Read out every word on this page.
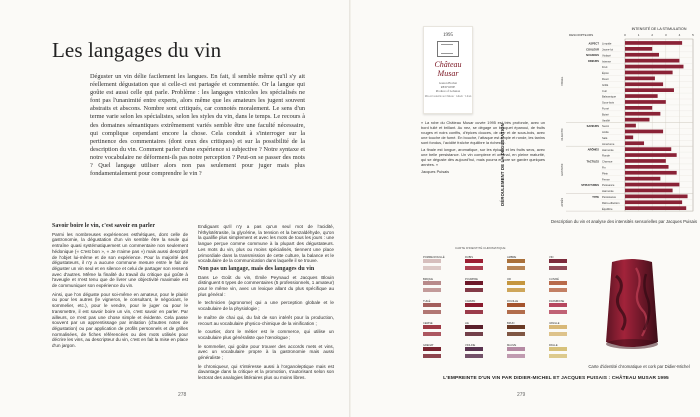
Les langages du vin
Déguster un vin délie facilement les langues. En fait, il semble même qu'il s'y ait réellement dégustation que si celle-ci est partagée et commentée. Or la langue qui goûte est aussi celle qui parle. Problème : les langages vinicoles les spécialisés ne font pas l'unanimité entre experts, alors même que les amateurs les jugent souvent abstraits et abscons. Nombre sont critiqués, car connotés moralement. Le sens d'un terme varie selon les spécialistes, selon les styles du vin, dans le temps. Le recours à des domaines sémantiques extrêmement variés semble être une faculté nécessaire, qui complique cependant encore la chose. Cela conduit à s'interroger sur la pertinence des commentaires (dont ceux des critiques) et sur la possibilité de la description du vin. Comment parler d'une expérience si subjective ? Notre syntaxe et notre vocabulaire ne déforment-ils pas notre perception ? Peut-on se passer des mots ? Quel langage utiliser alors non pas seulement pour juger mais plus fondamentalement pour comprendre le vin ?
Savoir boire le vin, c'est savoir en parler

Parmi les nombreuses expériences esthétiques, dont celle de gastronomie, la dégustation d'un vin semble être la seule qui entraîne quasi systématiquement un commentaire non seulement hédonique (« C'est bon », « Je n'aime pas ») mais aussi descriptif de l'objet lui-même et de son expérience. Pour la majorité des dégustateurs, il n'y a aucune commune mesure entre le fait de déguster un vin seul et en silence et celui de partager son ressenti avec d'autres. Même la finalité du travail du critique qui goûte à l'aveugle et n'est tenu que de livrer une objectivité maximale est de communiquer son expérience du vin.

Ainsi, que l'on déguste pour soi-même en amateur, pour le plaisir ou pour les autres (le vigneron, le consultant, le négociant, le sommelier, etc.), pour le vendre, pour le juger ou pour le transmettre, il est savoir boire un vin, c'est savoir en parler. Par ailleurs, ce n'est pas une chose simple et évidente. Cela passe souvent par un apprentissage par imitation (d'autres notes de dégustation) ou par application de profils personnels et de grilles normalisées, de fiches référencées ou des mots utilisés pour décrire les vins, au descripteur du vin, c'est en fait la mise en place d'un jargon.

Endiguant qu'il n'y a pas qu'un seul mot de l'acidité, l'éthylotétrasite, la glycérine, la tension et la benzaldéhyde, qu'on la qualifie plus simplement et avec les mots de tous les jours : une langue perçue comme commune à la plupart des dégustateurs. Les mots du vin, plus ou moins spécialisés, tiennent une place primordiale dans la transmission de cette culture, la balance et le vocabulaire de la communication dans laquelle il se trouve.

Non pas un langage, mais des langages du vin

Dans Le Goût du vin, Émile Peynaud et Jacques Blouin distinguent 6 types de commentaires (5 professionnels, 1 amateur) pour le même vin, avec un lexique allant du plus spécifique au plus général :

le technicien (agronome) qui a une perception globale et le vocabulaire de la physiologie ;

le maître de chai qui, du fait de son intérêt pour la production, recourt au vocabulaire physico-chimique de la vinification ;

le courtier, dont le métier est le commerce, qui utilise un vocabulaire plus généraliste que l'œnologue ;

le sommelier, qui goûte pour trouver des accords mets et vins, avec un vocabulaire propre à la gastronomie mais aussi généraliste ;

le chroniqueur, qui s'intéresse aussi à l'organoleptique mais est davantage dans la critique et la promotion, s'autorisant selon son lectorat des analogies littéraires plus ou moins libres.

278
1995
Château Musar
Gaston Hochar
RED WINE
Produce of Lebanon
Mis en bouteille au Château · Ghazir · Liban

« La robe du Château Musar cuvée 1995 est très profonde, avec un bord tuilé et brillant. Au nez, se dégage un bouquet épanoui, de fruits rouges et noirs confits, d'épices douces, de cuir et de sous-bois, avec une touche de fumé. En bouche, l'attaque est ample et ronde, les tanins sont fondus, l'acidité fraîche équilibre la richesse.

La finale est longue, aromatique, sur les épices et les fruits secs, avec une belle persistance. Un vin complexe et original, en pleine maturité, qui se déguste dès aujourd'hui, mais pourra encore se garder quelques années. »

Jacques Puisais	DÉROULEMENT DE LA DÉGUSTATION
INTENSITÉ DE LA STIMULATION
0	1	2	3	4	5
DESCRIPTEURS
ASPECT
COULEUR
NUANCES
ODEURS
SAVEURS
ARÔMES
TACTILES
STRUCTURES
TYPE
VISUEL
OLFACTIF
GUSTATIF
APRÈS
Limpide
Jaune-lui
Violacé
Intense
Fruit
Épicé
Fleuri
Grillé
Cuir
Balsamique
Sous-bois
Fumé
Boisé
Vanillé
Sucré
Acide
Salé
Amertume
Harmonie
Ronde
Charnue
Fin
Plein
Ferme
Puissance
Harmonie
Persistance
Rétro-olfaction
Équilibre
Description du vin et analyse des intensités sensorielles par Jacques Puisais
CARTE D'IDENTITÉ CHROMATIQUE
POMME ROUILLÉ
BRIQUE
TUILÉ
CERISE
GRENAT
RUBIS
POURPRE
CARMIN
LIE
VIOLINE
AMBRE
OR
ROUILLE
BRUN
MAUVE
VIN
CUIVRÉ
FRAMBOISE
VANILLE
PAILLE
Carte d'identité chromatique et cork par Didier-Michel
L'EMPREINTE D'UN VIN PAR DIDIER-MICHEL ET JACQUES PUISAIS : CHÂTEAU MUSAR 1995
279
